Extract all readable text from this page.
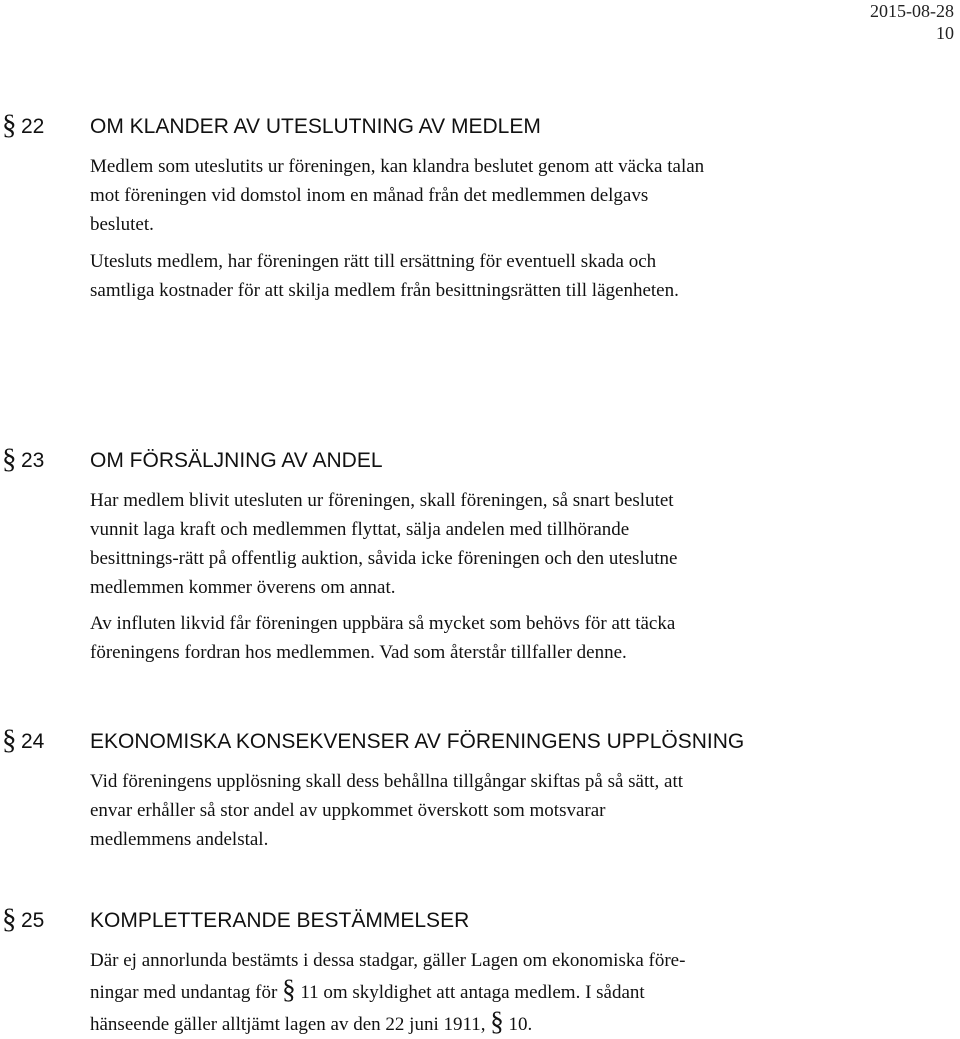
2015-08-28
10
§ 22 OM KLANDER AV UTESLUTNING AV MEDLEM
Medlem som uteslutits ur föreningen, kan klandra beslutet genom att väcka talan
mot föreningen vid domstol inom en månad från det medlemmen delgavs
beslutet.
Utesluts medlem, har föreningen rätt till ersättning för eventuell skada och
samtliga kostnader för att skilja medlem från besittningsrätten till lägenheten.
§ 23 OM FÖRSÄLJNING AV ANDEL
Har medlem blivit utesluten ur föreningen, skall föreningen, så snart beslutet
vunnit laga kraft och medlemmen flyttat, sälja andelen med tillhörande
besittnings-rätt på offentlig auktion, såvida icke föreningen och den uteslutne
medlemmen kommer överens om annat.
Av influten likvid får föreningen uppbära så mycket som behövs för att täcka
föreningens fordran hos medlemmen. Vad som återstår tillfaller denne.
§ 24 EKONOMISKA KONSEKVENSER AV FÖRENINGENS UPPLÖSNING
Vid föreningens upplösning skall dess behållna tillgångar skiftas på så sätt, att
envar erhåller så stor andel av uppkommet överskott som motsvarar
medlemmens andelstal.
§ 25 KOMPLETTERANDE BESTÄMMELSER
Där ej annorlunda bestämts i dessa stadgar, gäller Lagen om ekonomiska före-
ningar med undantag för § 11 om skyldighet att antaga medlem. I sådant
hänseende gäller alltjämt lagen av den 22 juni 1911, § 10.
